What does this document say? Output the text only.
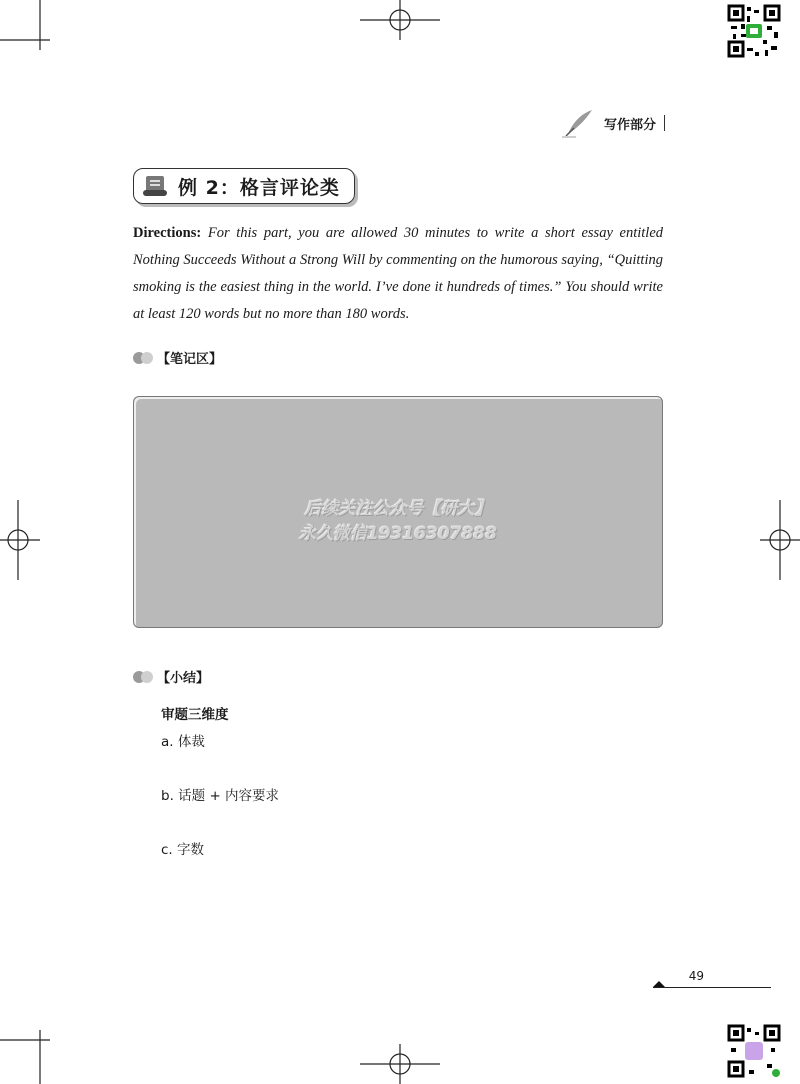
写作部分
例 2：格言评论类
Directions: For this part, you are allowed 30 minutes to write a short essay entitled Nothing Succeeds Without a Strong Will by commenting on the humorous saying, “Quitting smoking is the easiest thing in the world. I’ve done it hundreds of times.” You should write at least 120 words but no more than 180 words.
【笔记区】
后续关注公众号【研大】
永久微信19316307888
【小结】
审题三维度
a. 体裁
b. 话题 + 内容要求
c. 字数
49
